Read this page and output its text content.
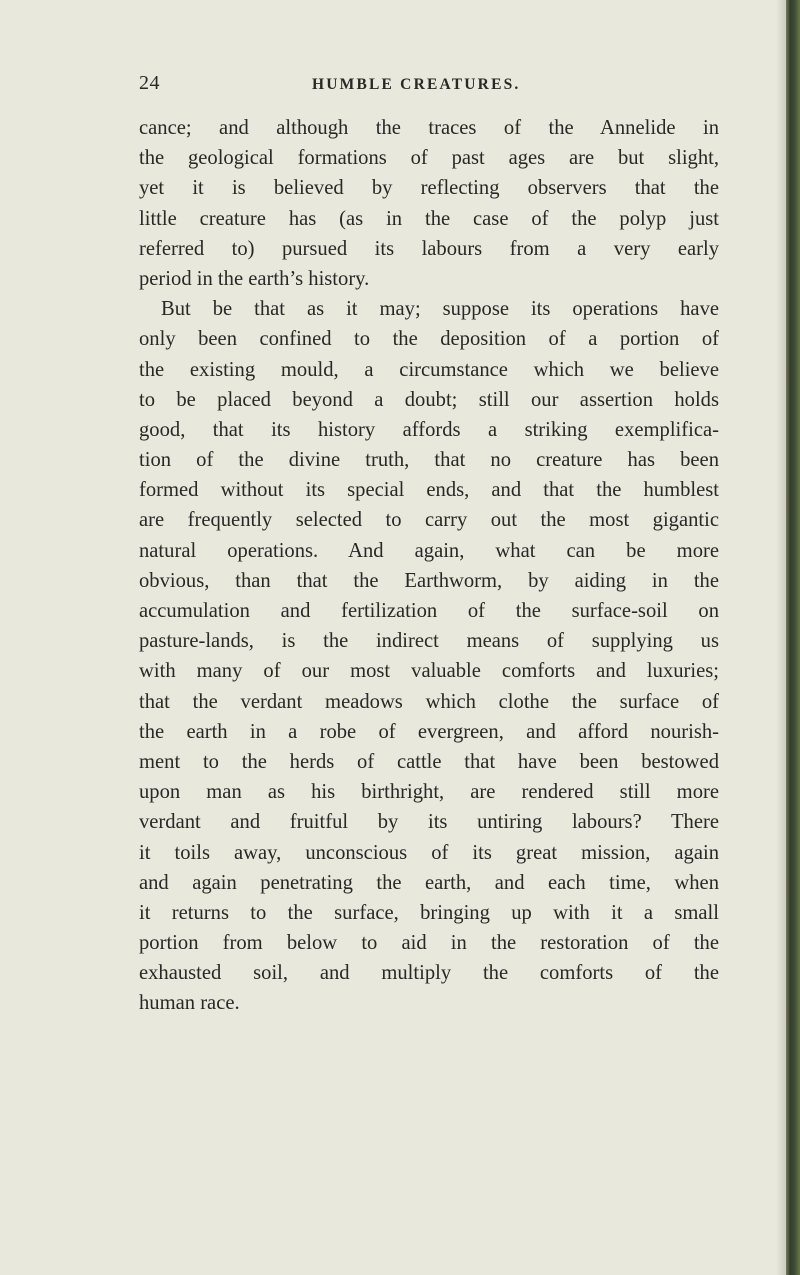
24	HUMBLE CREATURES.
cance; and although the traces of the Annelide in
the geological formations of past ages are but slight,
yet it is believed by reflecting observers that the
little creature has (as in the case of the polyp just
referred to) pursued its labours from a very early
period in the earth’s history.
But be that as it may; suppose its operations have
only been confined to the deposition of a portion of
the existing mould, a circumstance which we believe
to be placed beyond a doubt; still our assertion holds
good, that its history affords a striking exemplifica-
tion of the divine truth, that no creature has been
formed without its special ends, and that the humblest
are frequently selected to carry out the most gigantic
natural operations. And again, what can be more
obvious, than that the Earthworm, by aiding in the
accumulation and fertilization of the surface-soil on
pasture-lands, is the indirect means of supplying us
with many of our most valuable comforts and luxuries;
that the verdant meadows which clothe the surface of
the earth in a robe of evergreen, and afford nourish-
ment to the herds of cattle that have been bestowed
upon man as his birthright, are rendered still more
verdant and fruitful by its untiring labours? There
it toils away, unconscious of its great mission, again
and again penetrating the earth, and each time, when
it returns to the surface, bringing up with it a small
portion from below to aid in the restoration of the
exhausted soil, and multiply the comforts of the
human race.
